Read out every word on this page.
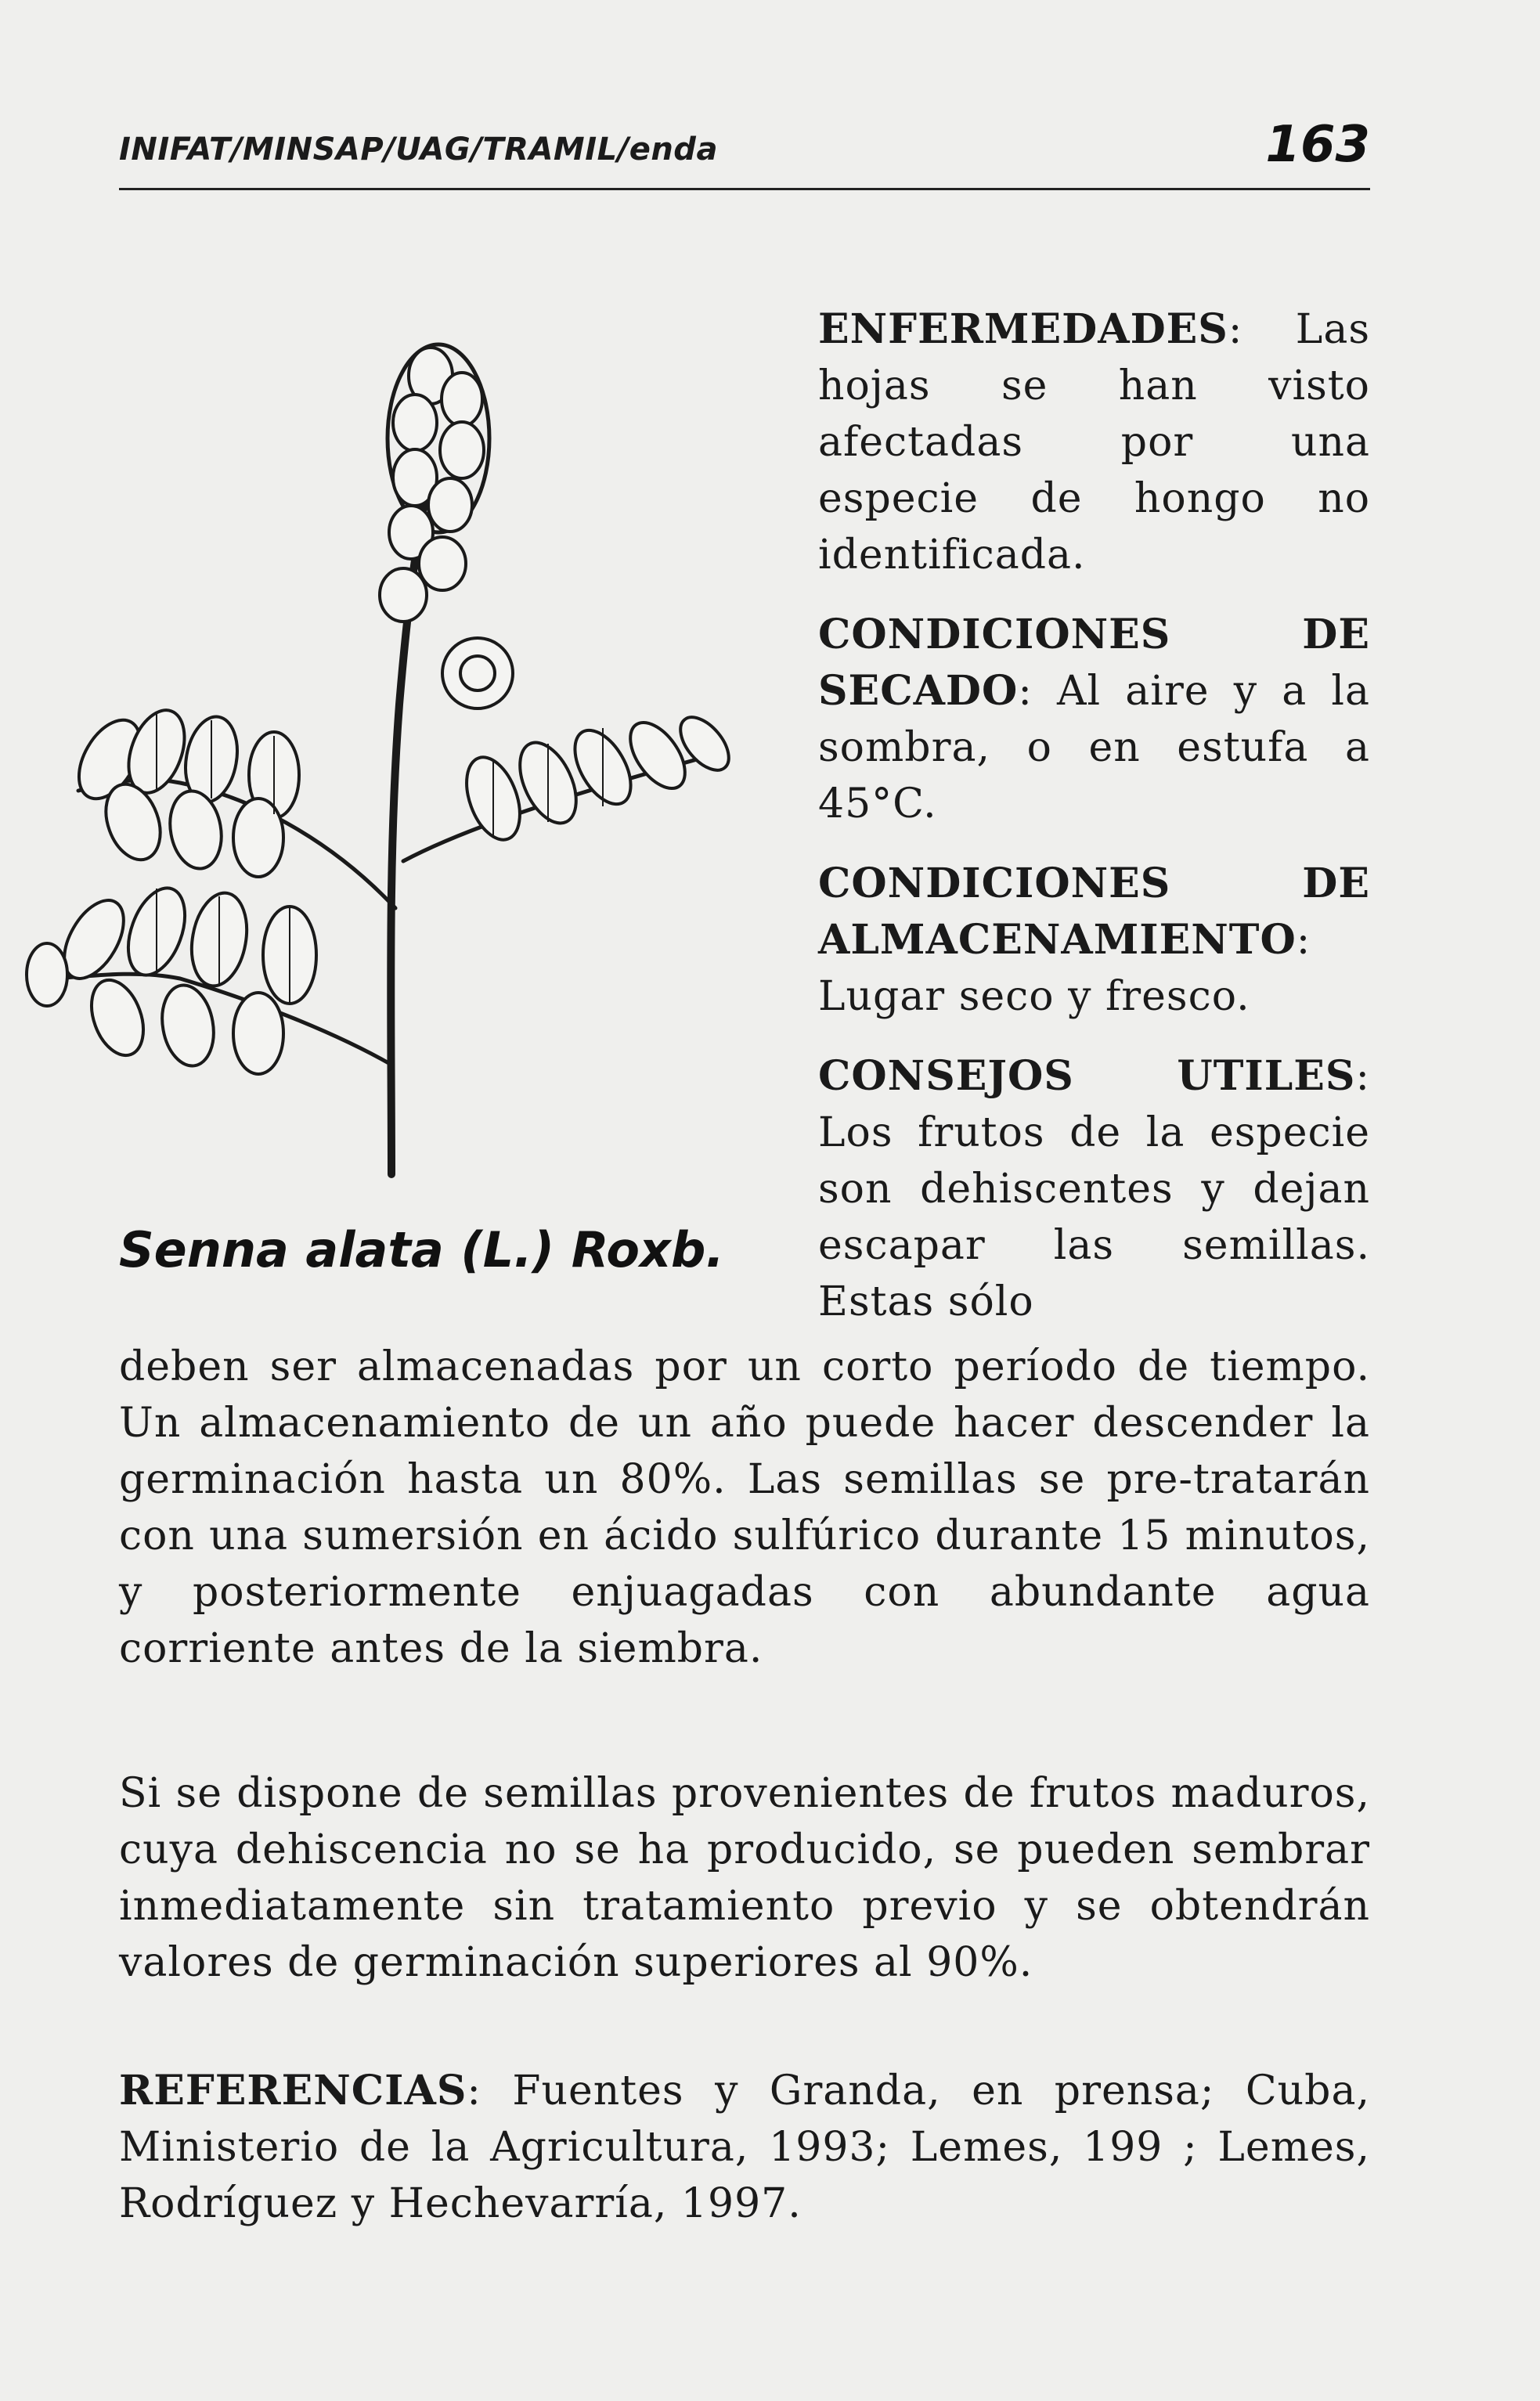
INIFAT/MINSAP/UAG/TRAMIL/enda	163
Senna alata (L.) Roxb.

ENFERMEDADES: Las hojas se han visto afectadas por una especie de hongo no identificada.

CONDICIONES DE SECADO: Al aire y a la sombra, o en estufa a 45°C.

CONDICIONES DE ALMACENAMIENTO: Lugar seco y fresco.

CONSEJOS UTILES: Los frutos de la especie son dehiscentes y dejan escapar las semillas. Estas sólo

deben ser almacenadas por un corto período de tiempo. Un almacenamiento de un año puede hacer descender la germinación hasta un 80%. Las semillas se pre-tratarán con una sumersión en ácido sulfúrico durante 15 minutos, y posteriormente enjuagadas con abundante agua corriente antes de la siembra.

Si se dispone de semillas provenientes de frutos maduros, cuya dehiscencia no se ha producido, se pueden sembrar inmediatamente sin tratamiento previo y se obtendrán valores de germinación superiores al 90%.

REFERENCIAS: Fuentes y Granda, en prensa; Cuba, Ministerio de la Agricultura, 1993; Lemes, 199 ; Lemes, Rodríguez y Hechevarría, 1997.
